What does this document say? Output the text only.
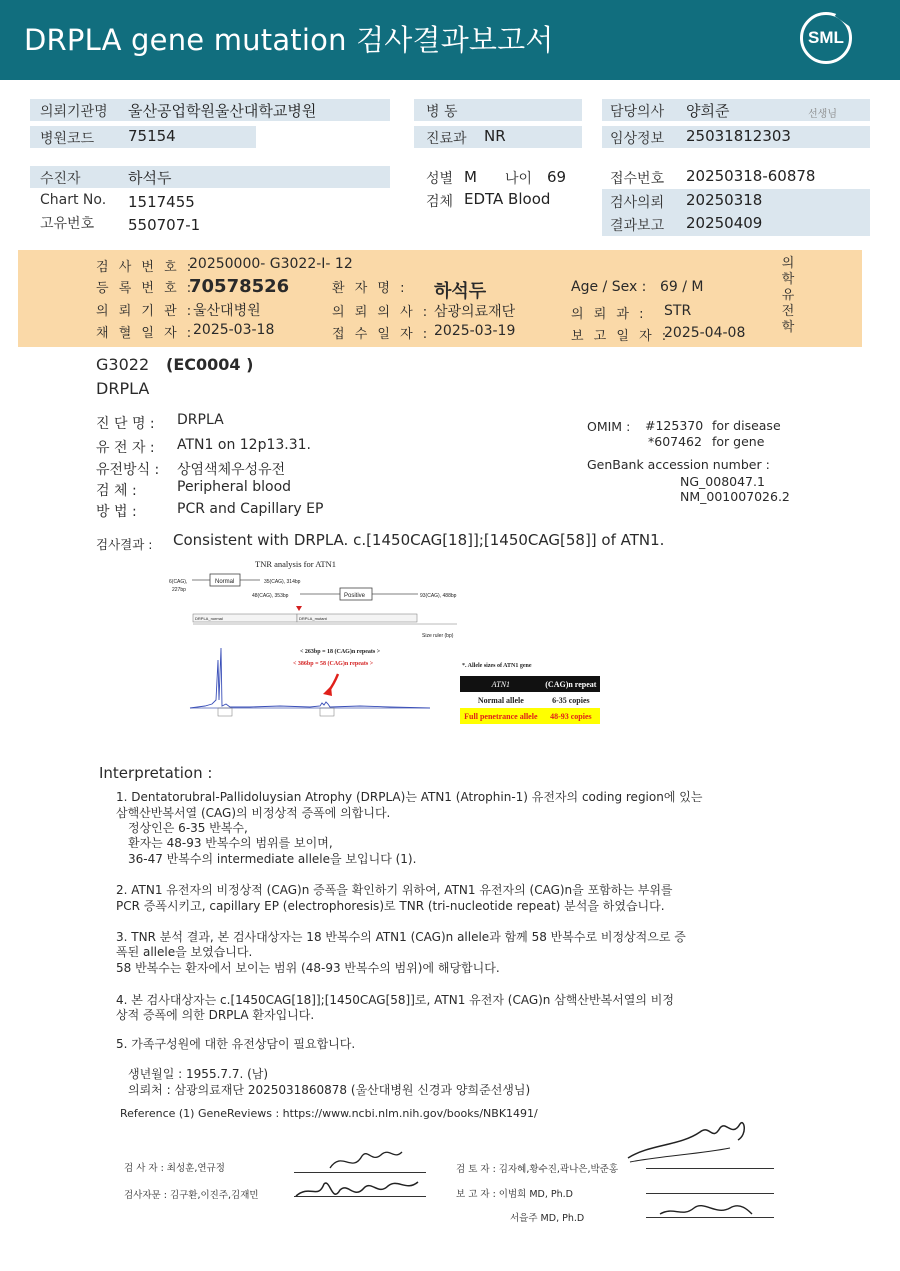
DRPLA gene mutation 검사결과보고서	SML
의뢰기관명 울산공업학원울산대학교병원
병원코드 75154
수진자	하석두
Chart No. 1517455
고유번호 550707-1
병 동
진료과 NR
성별 M 나이 69
검체 EDTA Blood
담당의사 양희준	선생님
임상정보 25031812303
접수번호 20250318-60878
검사의뢰 20250318
결과보고 20250409
검 사 번 호 :
20250000- G3022-I- 12
등 록 번 호 :
70578526	환 자 명 : 하석두	Age / Sex : 69 / M
의 뢰 기 관 :
울산대병원	의 뢰 의 사 : 삼광의료재단	의 뢰 과 : STR
채 혈 일 자 :
2025-03-18	접 수 일 자 : 2025-03-19	보 고 일 자 :
2025-04-08
의학유전학
G3022 (EC0004 )
DRPLA
진 단 명 : DRPLA
유 전 자 : ATN1 on 12p13.31.
유전방식 : 상염색체우성유전
검 체 :	Peripheral blood
방 법 :	PCR and Capillary EP
OMIM : #125370 for disease
*607462 for gene
GenBank accession number :
NG_008047.1
NM_001007026.2
검사결과 : Consistent with DRPLA. c.[1450CAG[18]];[1450CAG[58]] of ATN1.
TNR analysis for ATN1
Normal
6(CAG),
227bp
35(CAG), 314bp
Positive
48(CAG), 353bp	93(CAG), 488bp
DRPLA_normal	DRPLA_mutant
Size ruler (bp)
< 263bp = 18 (CAG)n repeats >
< 386bp = 58 (CAG)n repeats >	*. Allele sizes of ATN1 gene
ATN1	(CAG)n repeat
Normal allele	6-35 copies
Full penetrance allele	48-93 copies
Interpretation :
1. Dentatorubral-Pallidoluysian Atrophy (DRPLA)는 ATN1 (Atrophin-1) 유전자의 coding region에 있는
삼핵산반복서열 (CAG)의 비정상적 증폭에 의합니다.
정상인은 6-35 반복수,
환자는 48-93 반복수의 범위를 보이며,
36-47 반복수의 intermediate allele을 보입니다 (1).
2. ATN1 유전자의 비정상적 (CAG)n 증폭을 확인하기 위하여, ATN1 유전자의 (CAG)n을 포함하는 부위를
PCR 증폭시키고, capillary EP (electrophoresis)로 TNR (tri-nucleotide repeat) 분석을 하였습니다.
3. TNR 분석 결과, 본 검사대상자는 18 반복수의 ATN1 (CAG)n allele과 함께 58 반복수로 비정상적으로 증
폭된 allele을 보였습니다.
58 반복수는 환자에서 보이는 범위 (48-93 반복수의 범위)에 해당합니다.
4. 본 검사대상자는 c.[1450CAG[18]];[1450CAG[58]]로, ATN1 유전자 (CAG)n 삼핵산반복서열의 비정
상적 증폭에 의한 DRPLA 환자입니다.
5. 가족구성원에 대한 유전상담이 필요합니다.
생년월일 : 1955.7.7. (남)
의뢰처 : 삼광의료재단 2025031860878 (울산대병원 신경과 양희준선생님)
Reference (1) GeneReviews : https://www.ncbi.nlm.nih.gov/books/NBK1491/
검 사 자 : 최성훈,연규정
검사자문 : 김구환,이진주,김재민
검 토 자 : 김자혜,황수진,곽나은,박준홍
보 고 자 : 이범희 MD, Ph.D
서을주 MD, Ph.D
